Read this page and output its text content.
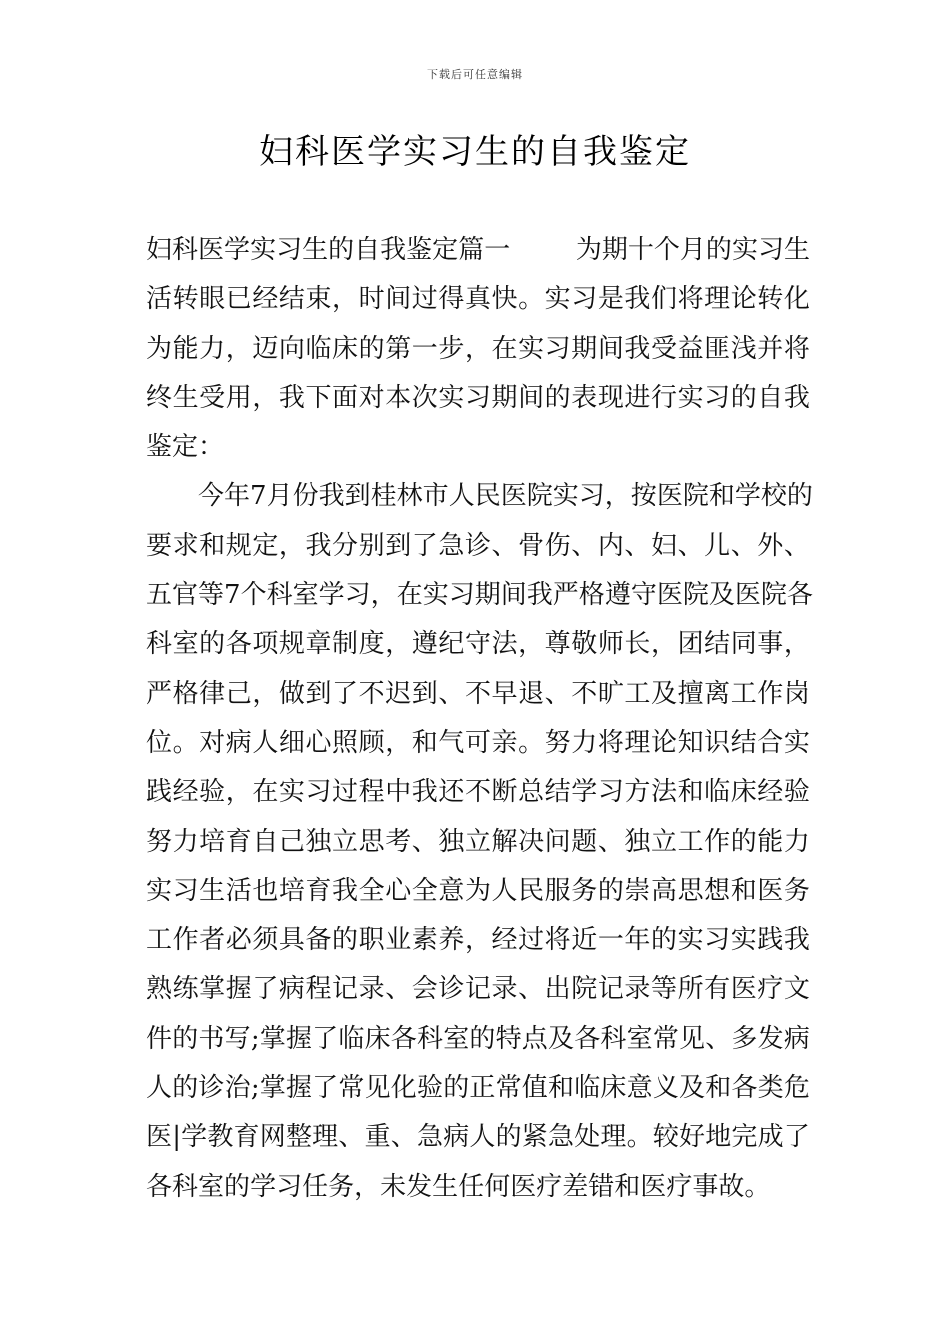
下载后可任意编辑
妇科医学实习生的自我鉴定
妇 科 医 学 实 习 生 的 自 我 鉴 定 篇 一

　	为 期 十 个 月 的 实 习 生
活 转 眼 已 经 结 束 ， 时 间 过 得 真 快 。 实 习 是 我 们 将 理 论 转 化
为 能 力 ， 迈 向 临 床 的 第 一 步 ， 在 实 习 期 间 我 受 益 匪 浅 并 将
终 生 受 用 ， 我 下 面 对 本 次 实 习 期 间 的 表 现 进 行 实 习 的 自 我
鉴 定 ：
今 年 7 月 份 我 到 桂 林 市 人 民 医 院 实 习 ， 按 医 院 和 学 校 的
要 求 和 规 定 ， 我 分 别 到 了 急 诊 、 骨 伤 、 内 、 妇 、 儿 、 外 、
五 官 等 7 个 科 室 学 习 ， 在 实 习 期 间 我 严 格 遵 守 医 院 及 医 院 各
科 室 的 各 项 规 章 制 度 ， 遵 纪 守 法 ， 尊 敬 师 长 ， 团 结 同 事 ，
严 格 律 己 ， 做 到 了 不 迟 到 、 不 早 退 、 不 旷 工 及 擅 离 工 作 岗
位 。 对 病 人 细 心 照 顾 ， 和 气 可 亲 。 努 力 将 理 论 知 识 结 合 实
践 经 验 ， 在 实 习 过 程 中 我 还 不 断 总 结 学 习 方 法 和 临 床 经 验
努 力 培 育 自 己 独 立 思 考 、 独 立 解 决 问 题 、 独 立 工 作 的 能 力
实 习 生 活 也 培 育 我 全 心 全 意 为 人 民 服 务 的 崇 高 思 想 和 医 务
工 作 者 必 须 具 备 的 职 业 素 养 ， 经 过 将 近 一 年 的 实 习 实 践 我
熟 练 掌 握 了 病 程 记 录 、 会 诊 记 录 、 出 院 记 录 等 所 有 医 疗 文
件 的 书 写 ; 掌 握 了 临 床 各 科 室 的 特 点 及 各 科 室 常 见 、 多 发 病
人 的 诊 治 ; 掌 握 了 常 见 化 验 的 正 常 值 和 临 床 意 义 及 和 各 类 危
医 | 学 教 育 网 整 理 、 重 、 急 病 人 的 紧 急 处 理 。 较 好 地 完 成 了
各 科 室 的 学 习 任 务 ， 未 发 生 任 何 医 疗 差 错 和 医 疗 事 故 。
